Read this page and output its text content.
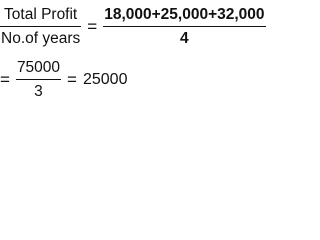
$\frac{\text{Total Profit}}{\text{No.of years}} = \frac{18,000+25,000+32,000}{4}$
= $\frac{75000}{3} = 25000$
